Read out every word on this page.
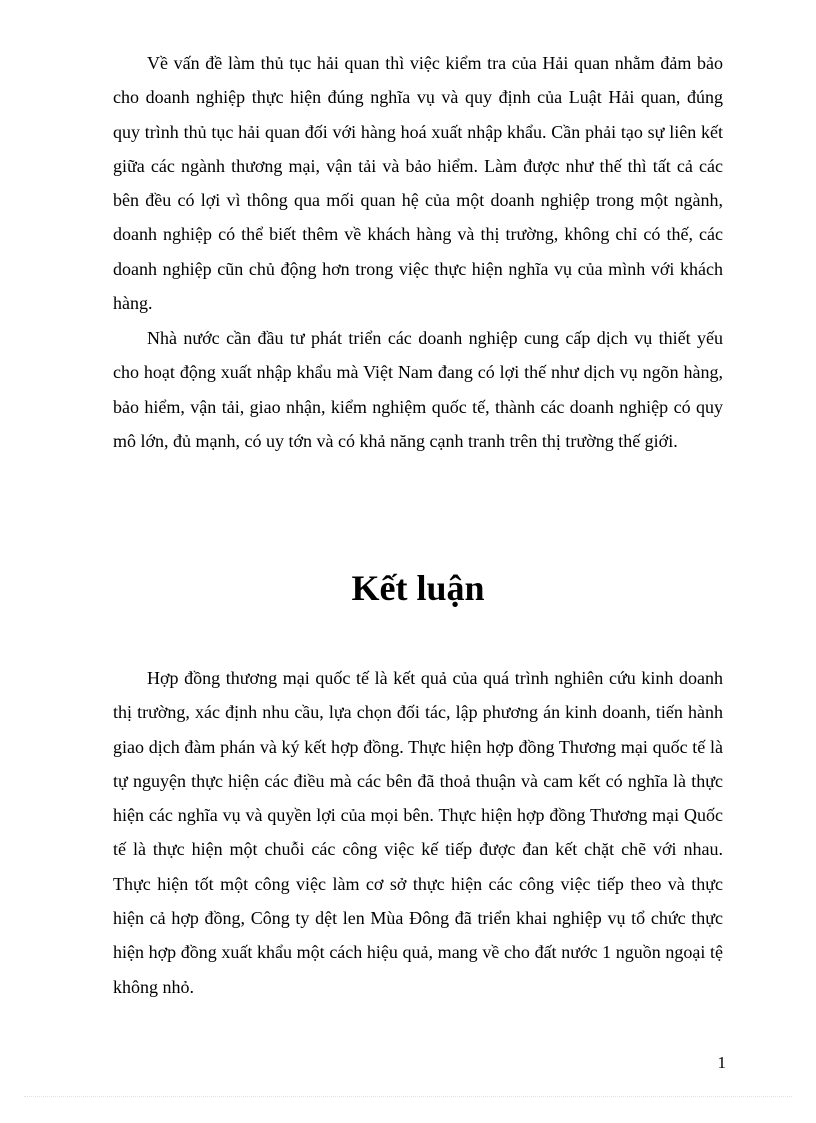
Về vấn đề làm thủ tục hải quan thì việc kiểm tra của Hải quan nhằm đảm bảo cho doanh nghiệp thực hiện đúng nghĩa vụ và quy định của Luật Hải quan, đúng quy trình thủ tục hải quan đối với hàng hoá xuất nhập khẩu. Cần phải tạo sự liên kết giữa các ngành thương mại, vận tải và bảo hiểm. Làm được như thế thì tất cả các bên đều có lợi vì thông qua mối quan hệ của một doanh nghiệp trong một ngành, doanh nghiệp có thể biết thêm về khách hàng và thị trường, không chỉ có thế, các doanh nghiệp cũn chủ động hơn trong việc thực hiện nghĩa vụ của mình với khách hàng.

Nhà nước cần đầu tư phát triển các doanh nghiệp cung cấp dịch vụ thiết yếu cho hoạt động xuất nhập khẩu mà Việt Nam đang có lợi thế như dịch vụ ngõn hàng, bảo hiểm, vận tải, giao nhận, kiểm nghiệm quốc tế, thành các doanh nghiệp có quy mô lớn, đủ mạnh, có uy tớn và có khả năng cạnh tranh trên thị trường thế giới.

Kết luận

Hợp đồng thương mại quốc tế là kết quả của quá trình nghiên cứu kinh doanh thị trường, xác định nhu cầu, lựa chọn đối tác, lập phương án kinh doanh, tiến hành giao dịch đàm phán và ký kết hợp đồng. Thực hiện hợp đồng Thương mại quốc tế là tự nguyện thực hiện các điều mà các bên đã thoả thuận và cam kết có nghĩa là thực hiện các nghĩa vụ và quyền lợi của mọi bên. Thực hiện hợp đồng Thương mại Quốc tế là thực hiện một chuỗi các công việc kế tiếp được đan kết chặt chẽ với nhau. Thực hiện tốt một công việc làm cơ sở thực hiện các công việc tiếp theo và thực hiện cả hợp đồng, Công ty dệt len Mùa Đông đã triển khai nghiệp vụ tổ chức thực hiện hợp đồng xuất khẩu một cách hiệu quả, mang về cho đất nước 1 nguồn ngoại tệ không nhỏ.

1
